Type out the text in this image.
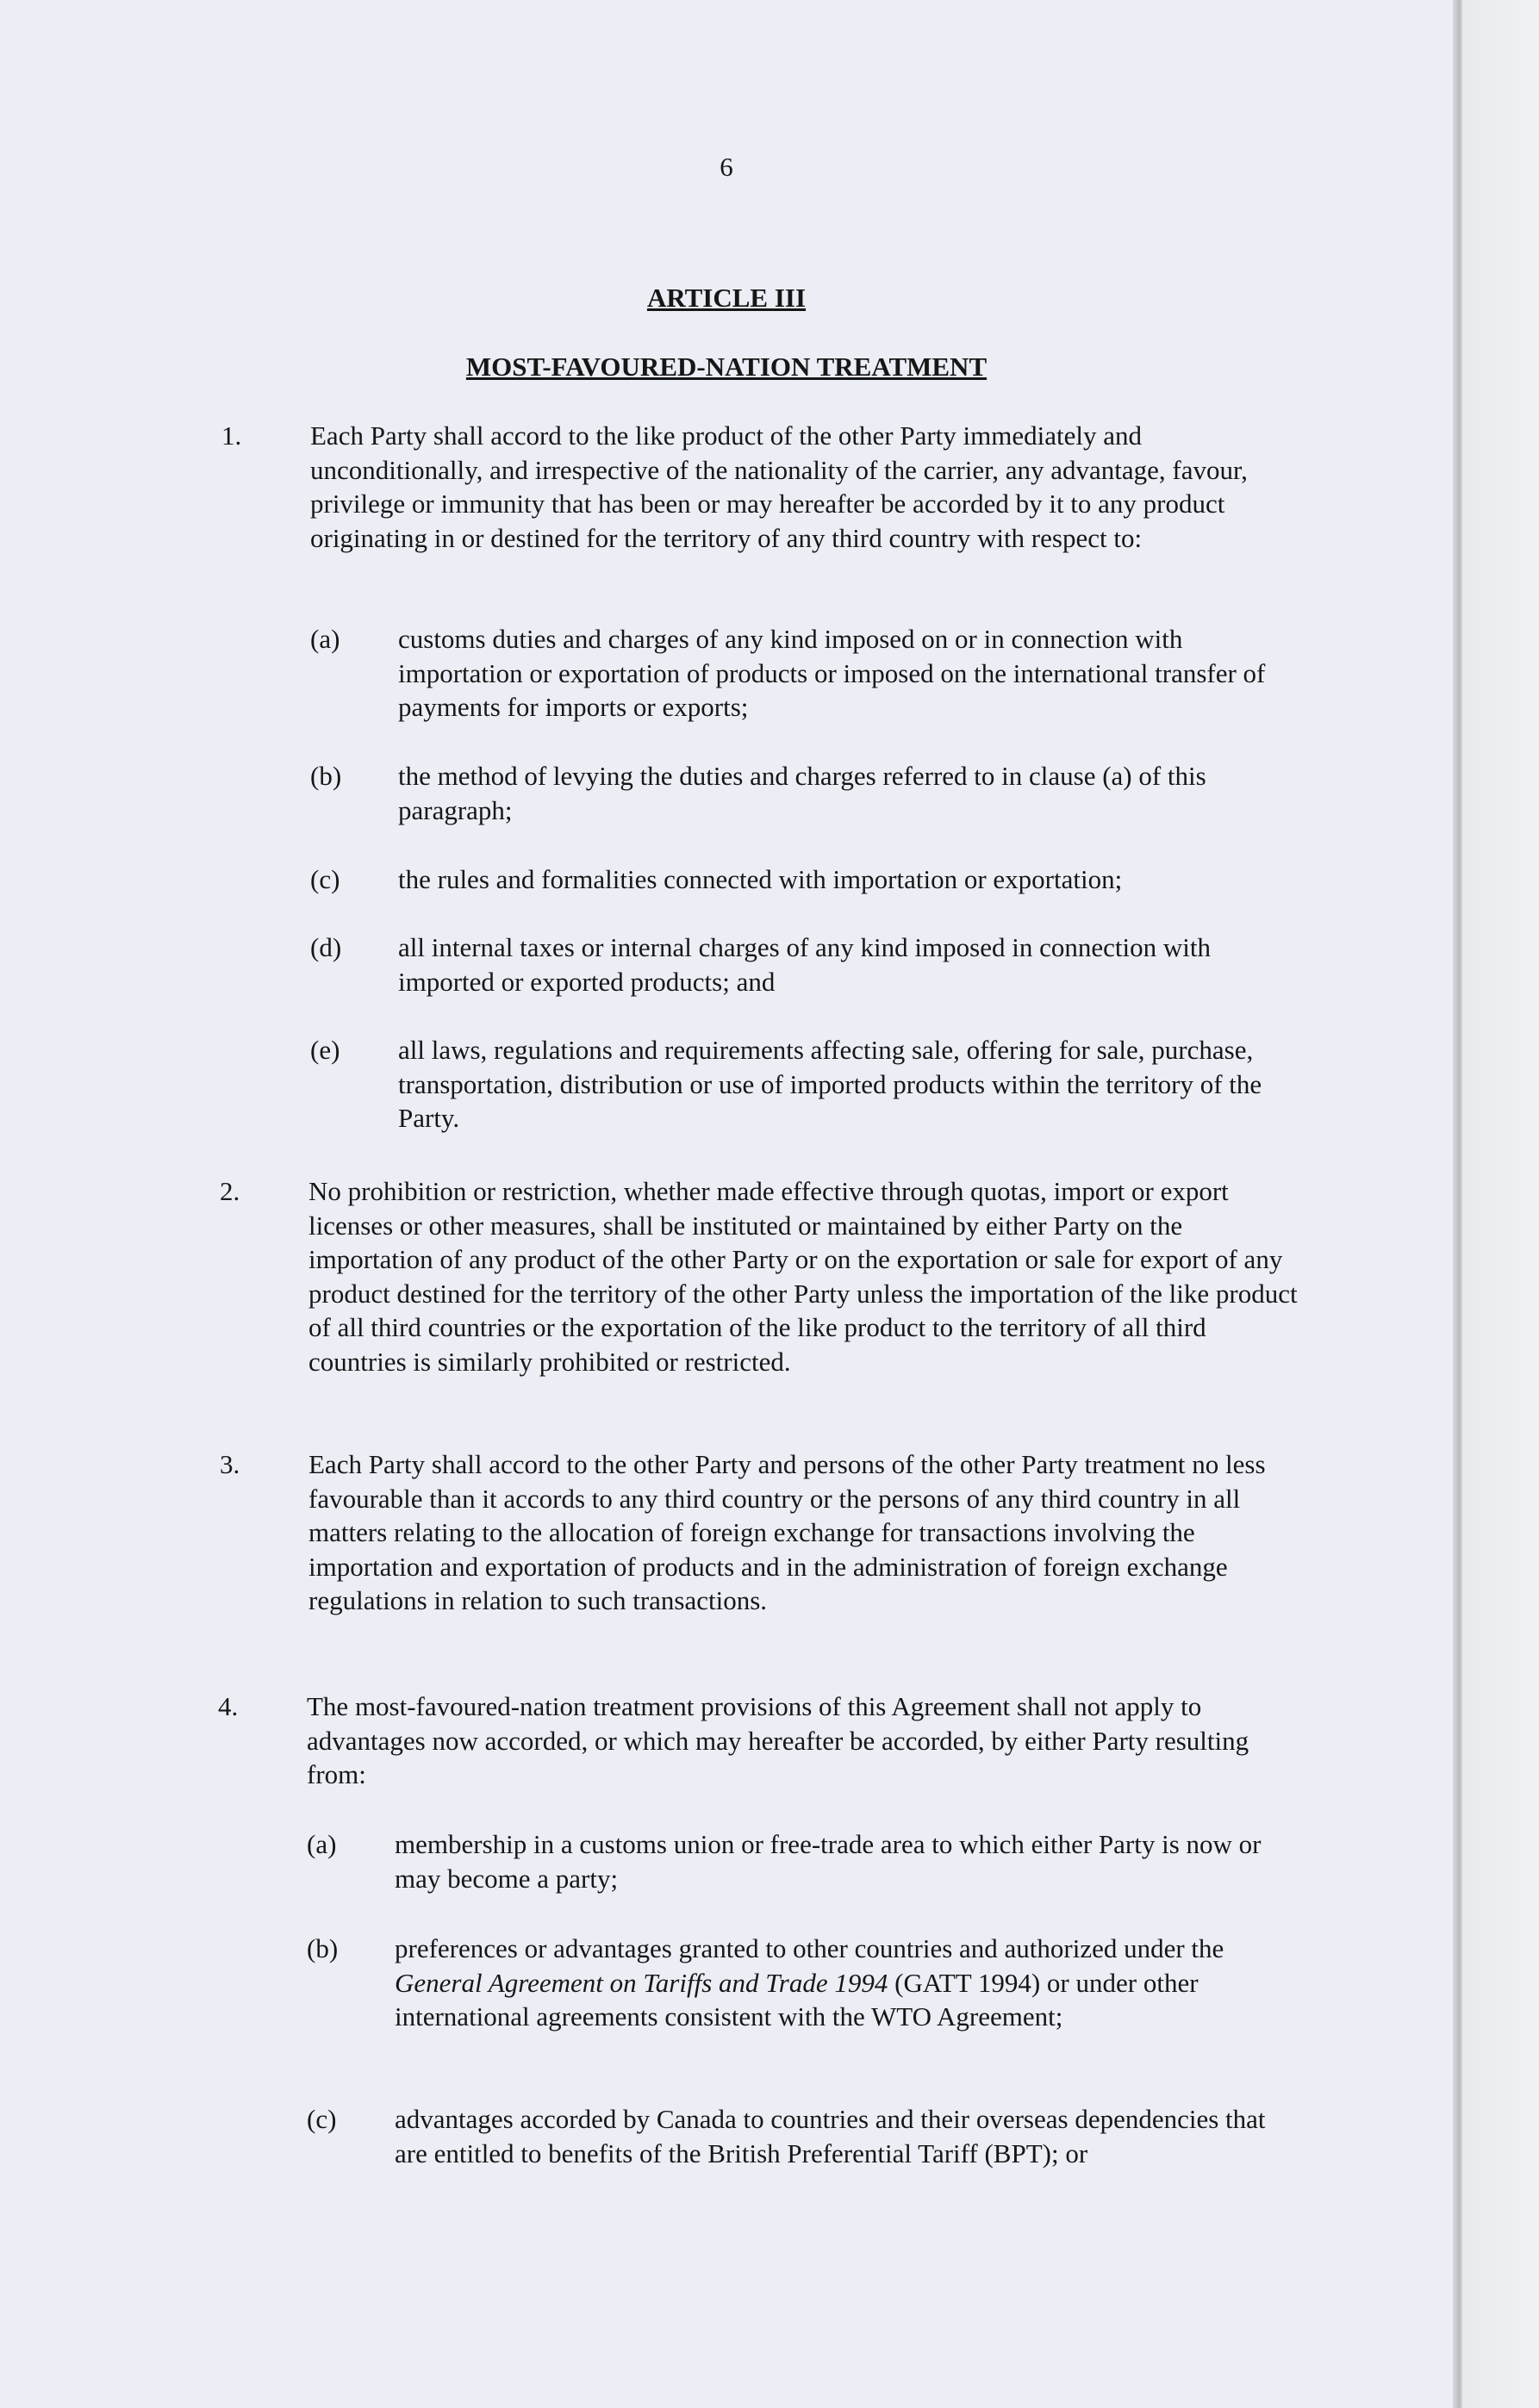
6
ARTICLE III
MOST-FAVOURED-NATION TREATMENT
1.	Each Party shall accord to the like product of the other Party immediately and unconditionally, and irrespective of the nationality of the carrier, any advantage, favour, privilege or immunity that has been or may hereafter be accorded by it to any product originating in or destined for the territory of any third country with respect to:
(a) customs duties and charges of any kind imposed on or in connection with importation or exportation of products or imposed on the international transfer of payments for imports or exports;
(b) the method of levying the duties and charges referred to in clause (a) of this paragraph;
(c) the rules and formalities connected with importation or exportation;
(d) all internal taxes or internal charges of any kind imposed in connection with imported or exported products; and
(e) all laws, regulations and requirements affecting sale, offering for sale, purchase, transportation, distribution or use of imported products within the territory of the Party.
2.	No prohibition or restriction, whether made effective through quotas, import or export licenses or other measures, shall be instituted or maintained by either Party on the importation of any product of the other Party or on the exportation or sale for export of any product destined for the territory of the other Party unless the importation of the like product of all third countries or the exportation of the like product to the territory of all third countries is similarly prohibited or restricted.
3.	Each Party shall accord to the other Party and persons of the other Party treatment no less favourable than it accords to any third country or the persons of any third country in all matters relating to the allocation of foreign exchange for transactions involving the importation and exportation of products and in the administration of foreign exchange regulations in relation to such transactions.
4.	The most-favoured-nation treatment provisions of this Agreement shall not apply to advantages now accorded, or which may hereafter be accorded, by either Party resulting from:
(a) membership in a customs union or free-trade area to which either Party is now or may become a party;
(b) preferences or advantages granted to other countries and authorized under the General Agreement on Tariffs and Trade 1994 (GATT 1994) or under other international agreements consistent with the WTO Agreement;
(c) advantages accorded by Canada to countries and their overseas dependencies that are entitled to benefits of the British Preferential Tariff (BPT); or
